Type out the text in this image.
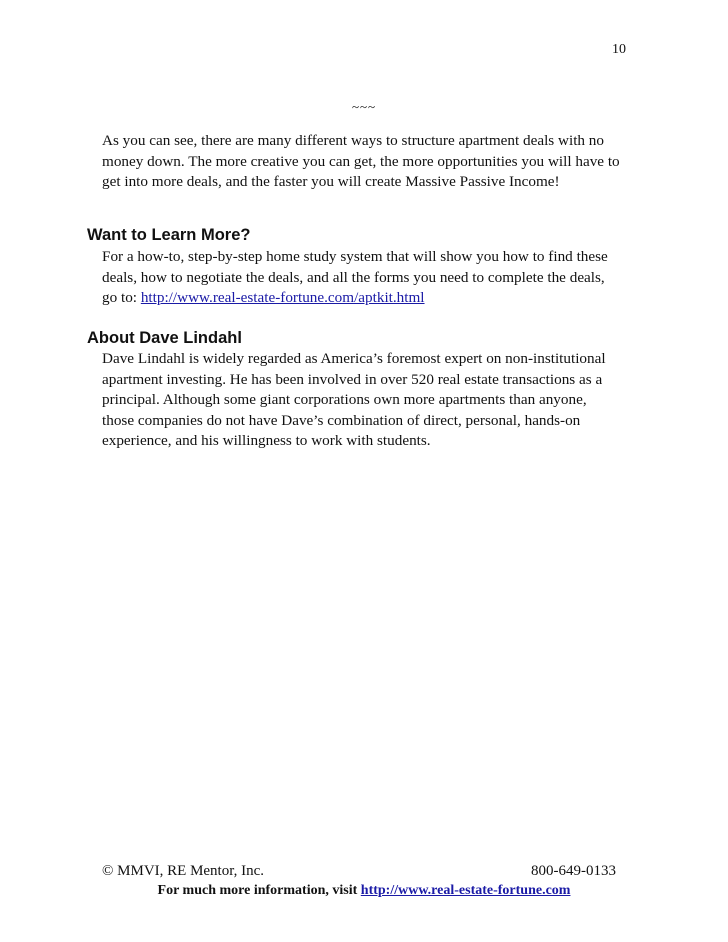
10
~~~

As you can see, there are many different ways to structure apartment deals with no money down. The more creative you can get, the more opportunities you will have to get into more deals, and the faster you will create Massive Passive Income!

Want to Learn More?

For a how-to, step-by-step home study system that will show you how to find these deals, how to negotiate the deals, and all the forms you need to complete the deals, go to: http://www.real-estate-fortune.com/aptkit.html

About Dave Lindahl

Dave Lindahl is widely regarded as America’s foremost expert on non-institutional apartment investing. He has been involved in over 520 real estate transactions as a principal. Although some giant corporations own more apartments than anyone, those companies do not have Dave’s combination of direct, personal, hands-on experience, and his willingness to work with students.

© MMVI, RE Mentor, Inc.	800-649-0133
For much more information, visit http://www.real-estate-fortune.com
